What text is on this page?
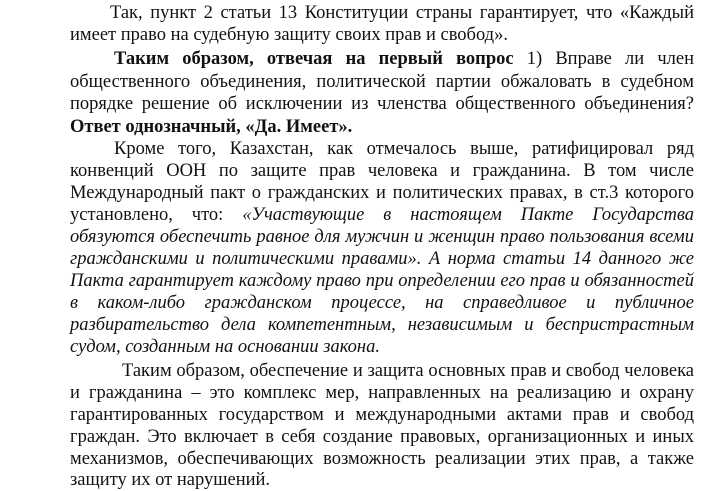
Так, пункт 2 статьи 13 Конституции страны гарантирует, что «Каждый
имеет право на судебную защиту своих прав и свобод».
Таким образом, отвечая на первый вопрос 1) Вправе ли член
общественного объединения, политической партии обжаловать в судебном
порядке решение об исключении из членства общественного объединения?
Ответ однозначный, «Да. Имеет».
Кроме того, Казахстан, как отмечалось выше, ратифицировал ряд
конвенций ООН по защите прав человека и гражданина. В том числе
Международный пакт о гражданских и политических правах, в ст.3 которого
установлено, что: «Участвующие в настоящем Пакте Государства
обязуются обеспечить равное для мужчин и женщин право пользования всеми
гражданскими и политическими правами». А норма статьи 14 данного же
Пакта гарантирует каждому право при определении его прав и обязанностей
в каком-либо гражданском процессе, на справедливое и публичное
разбирательство дела компетентным, независимым и беспристрастным
судом, созданным на основании закона.
Таким образом, обеспечение и защита основных прав и свобод человека
и гражданина – это комплекс мер, направленных на реализацию и охрану
гарантированных государством и международными актами прав и свобод
граждан. Это включает в себя создание правовых, организационных и иных
механизмов, обеспечивающих возможность реализации этих прав, а также
защиту их от нарушений.
